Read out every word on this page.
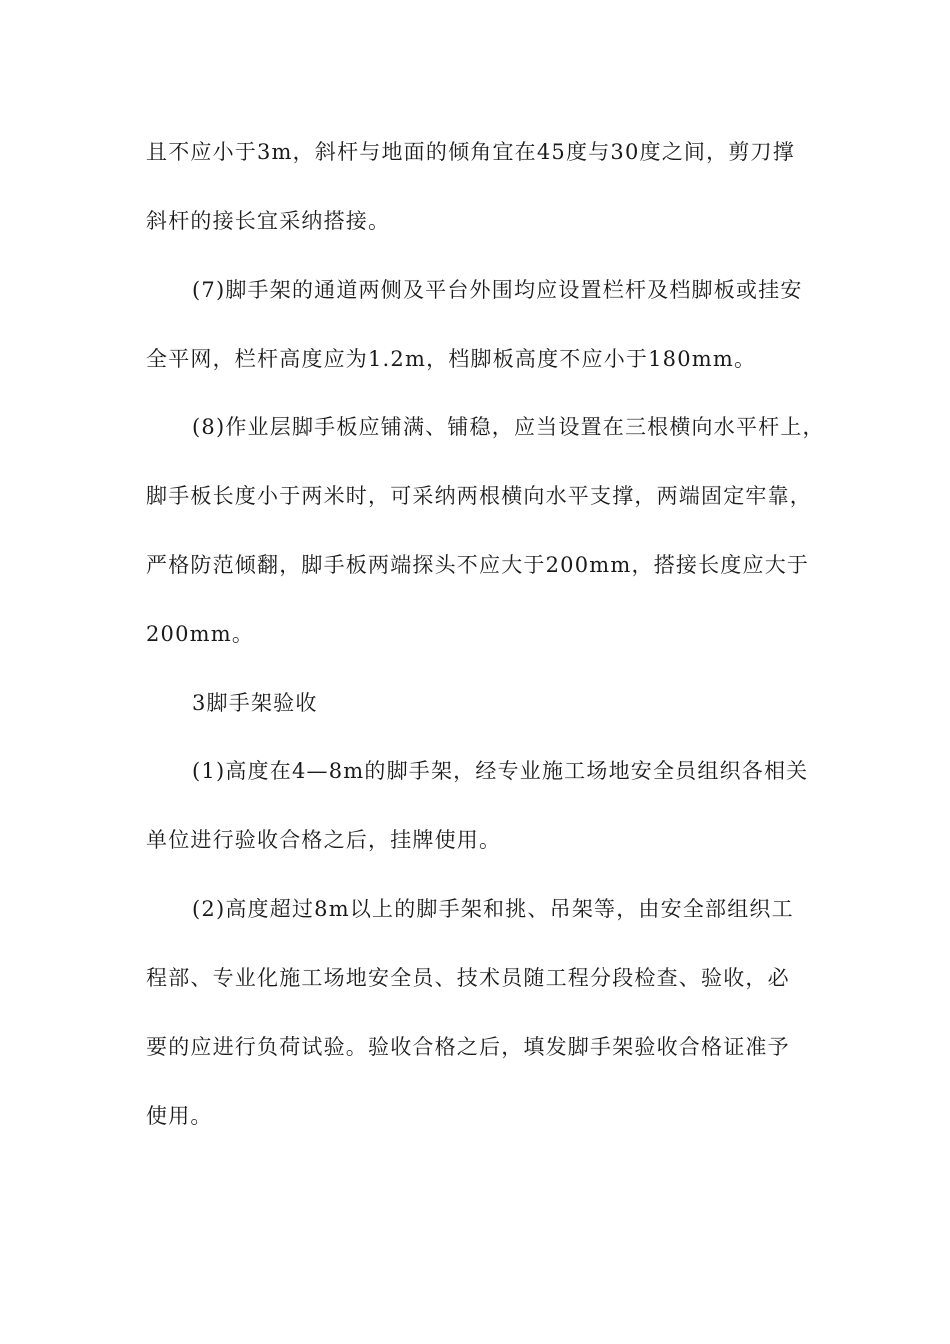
且不应小于3m，斜杆与地面的倾角宜在45度与30度之间，剪刀撑
斜杆的接长宜采纳搭接。
(7)脚手架的通道两侧及平台外围均应设置栏杆及档脚板或挂安
全平网，栏杆高度应为1.2m，档脚板高度不应小于180mm。
(8)作业层脚手板应铺满、铺稳，应当设置在三根横向水平杆上，
脚手板长度小于两米时，可采纳两根横向水平支撑，两端固定牢靠，
严格防范倾翻，脚手板两端探头不应大于200mm，搭接长度应大于
200mm。
3脚手架验收
(1)高度在4—8m的脚手架，经专业施工场地安全员组织各相关
单位进行验收合格之后，挂牌使用。
(2)高度超过8m以上的脚手架和挑、吊架等，由安全部组织工
程部、专业化施工场地安全员、技术员随工程分段检查、验收，必
要的应进行负荷试验。验收合格之后，填发脚手架验收合格证准予
使用。
